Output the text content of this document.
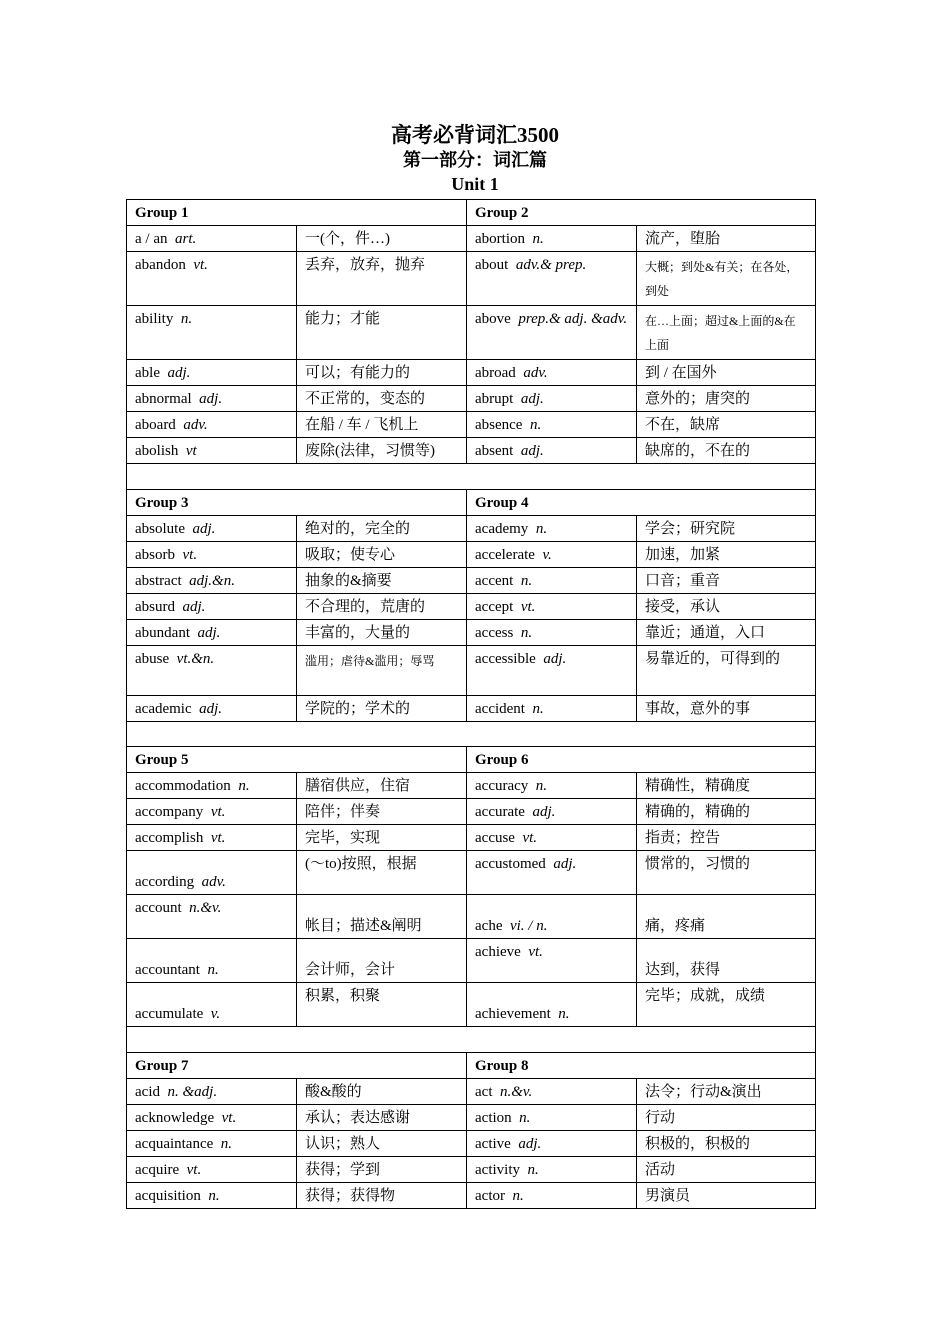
高考必背词汇3500
第一部分：词汇篇
Unit 1
Group 1		Group 2	
a / an art.	一(个，件…)	abortion n.	流产，堕胎
abandon vt.	丢弃，放弃，抛弃	about adv.& prep.	大概；到处&有关；在各处，到处
ability n.	能力；才能	above prep.& adj. &adv.	在…上面；超过&上面的&在上面
able adj.	可以；有能力的	abroad adv.	到 / 在国外
abnormal adj.	不正常的，变态的	abrupt adj.	意外的；唐突的
aboard adv.	在船 / 车 / 飞机上	absence n.	不在，缺席
abolish vt	废除(法律，习惯等)	absent adj.	缺席的，不在的

Group 3		Group 4	
absolute adj.	绝对的，完全的	academy n.	学会；研究院
absorb vt.	吸取；使专心	accelerate v.	加速，加紧
abstract adj.&n.	抽象的&摘要	accent n.	口音；重音
absurd adj.	不合理的，荒唐的	accept vt.	接受，承认
abundant adj.	丰富的，大量的	access n.	靠近；通道，入口
abuse vt.&n.	滥用；虐待&滥用；辱骂	accessible adj.	易靠近的，可得到的
academic adj.	学院的；学术的	accident n.	事故，意外的事

Group 5		Group 6	
accommodation n.	膳宿供应，住宿	accuracy n.	精确性，精确度
accompany vt.	陪伴；伴奏	accurate adj.	精确的，精确的
accomplish vt.	完毕，实现	accuse vt.	指责；控告
according adv.	(～to)按照，根据	accustomed adj.	惯常的，习惯的
account n.&v.	帐目；描述&阐明	ache vi. / n.	痛，疼痛
accountant n.	会计师，会计	achieve vt.	达到，获得
accumulate v.	积累，积聚	achievement n.	完毕；成就，成绩

Group 7		Group 8	
acid n. &adj.	酸&酸的	act n.&v.	法令；行动&演出
acknowledge vt.	承认；表达感谢	action n.	行动
acquaintance n.	认识；熟人	active adj.	积极的，积极的
acquire vt.	获得；学到	activity n.	活动
acquisition n.	获得；获得物	actor n.	男演员
